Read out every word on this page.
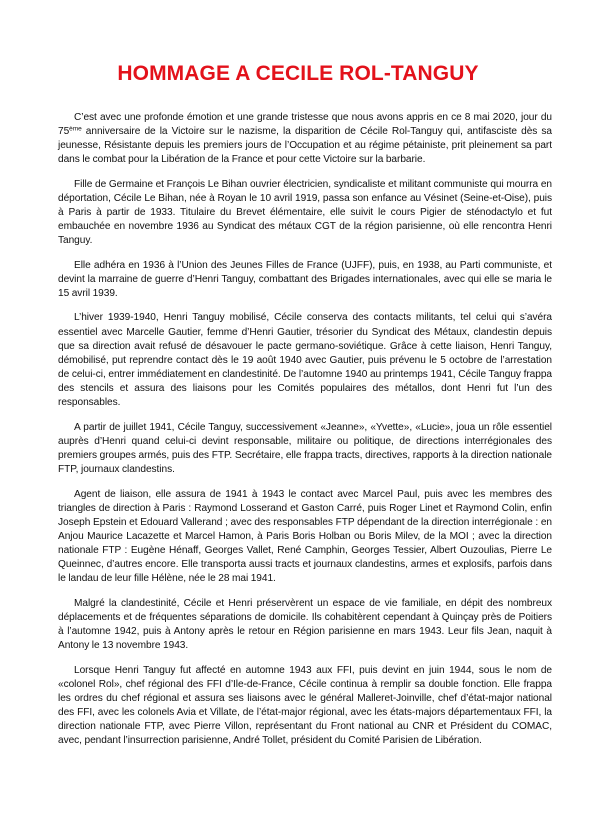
HOMMAGE A CECILE ROL-TANGUY

C’est avec une profonde émotion et une grande tristesse que nous avons appris en ce 8 mai 2020, jour du 75ème anniversaire de la Victoire sur le nazisme, la disparition de Cécile Rol-Tanguy qui, antifasciste dès sa jeunesse, Résistante depuis les premiers jours de l’Occupation et au régime pétainiste, prit pleinement sa part dans le combat pour la Libération de la France et pour cette Victoire sur la barbarie.

Fille de Germaine et François Le Bihan ouvrier électricien, syndicaliste et militant communiste qui mourra en déportation, Cécile Le Bihan, née à Royan le 10 avril 1919, passa son enfance au Vésinet (Seine-et-Oise), puis à Paris à partir de 1933. Titulaire du Brevet élémentaire, elle suivit le cours Pigier de sténodactylo et fut embauchée en novembre 1936 au Syndicat des métaux CGT de la région parisienne, où elle rencontra Henri Tanguy.

Elle adhéra en 1936 à l’Union des Jeunes Filles de France (UJFF), puis, en 1938, au Parti communiste, et devint la marraine de guerre d’Henri Tanguy, combattant des Brigades internationales, avec qui elle se maria le 15 avril 1939.

L’hiver 1939-1940, Henri Tanguy mobilisé, Cécile conserva des contacts militants, tel celui qui s’avéra essentiel avec Marcelle Gautier, femme d’Henri Gautier, trésorier du Syndicat des Métaux, clandestin depuis que sa direction avait refusé de désavouer le pacte germano-soviétique. Grâce à cette liaison, Henri Tanguy, démobilisé, put reprendre contact dès le 19 août 1940 avec Gautier, puis prévenu le 5 octobre de l’arrestation de celui-ci, entrer immédiatement en clandestinité. De l’automne 1940 au printemps 1941, Cécile Tanguy frappa des stencils et assura des liaisons pour les Comités populaires des métallos, dont Henri fut l’un des responsables.

A partir de juillet 1941, Cécile Tanguy, successivement «Jeanne», «Yvette», «Lucie», joua un rôle essentiel auprès d’Henri quand celui-ci devint responsable, militaire ou politique, de directions interrégionales des premiers groupes armés, puis des FTP. Secrétaire, elle frappa tracts, directives, rapports à la direction nationale FTP, journaux clandestins.

Agent de liaison, elle assura de 1941 à 1943 le contact avec Marcel Paul, puis avec les membres des triangles de direction à Paris : Raymond Losserand et Gaston Carré, puis Roger Linet et Raymond Colin, enfin Joseph Epstein et Edouard Vallerand ; avec des responsables FTP dépendant de la direction interrégionale : en Anjou Maurice Lacazette et Marcel Hamon, à Paris Boris Holban ou Boris Milev, de la MOI ; avec la direction nationale FTP : Eugène Hénaff, Georges Vallet, René Camphin, Georges Tessier, Albert Ouzoulias, Pierre Le Queinnec, d’autres encore. Elle transporta aussi tracts et journaux clandestins, armes et explosifs, parfois dans le landau de leur fille Hélène, née le 28 mai 1941.

Malgré la clandestinité, Cécile et Henri préservèrent un espace de vie familiale, en dépit des nombreux déplacements et de fréquentes séparations de domicile. Ils cohabitèrent cependant à Quinçay près de Poitiers à l’automne 1942, puis à Antony après le retour en Région parisienne en mars 1943. Leur fils Jean, naquit à Antony le 13 novembre 1943.

Lorsque Henri Tanguy fut affecté en automne 1943 aux FFI, puis devint en juin 1944, sous le nom de «colonel Rol», chef régional des FFI d’Ile-de-France, Cécile continua à remplir sa double fonction. Elle frappa les ordres du chef régional et assura ses liaisons avec le général Malleret-Joinville, chef d’état-major national des FFI, avec les colonels Avia et Villate, de l’état-major régional, avec les états-majors départementaux FFI, la direction nationale FTP, avec Pierre Villon, représentant du Front national au CNR et Président du COMAC, avec, pendant l’insurrection parisienne, André Tollet, président du Comité Parisien de Libération.
